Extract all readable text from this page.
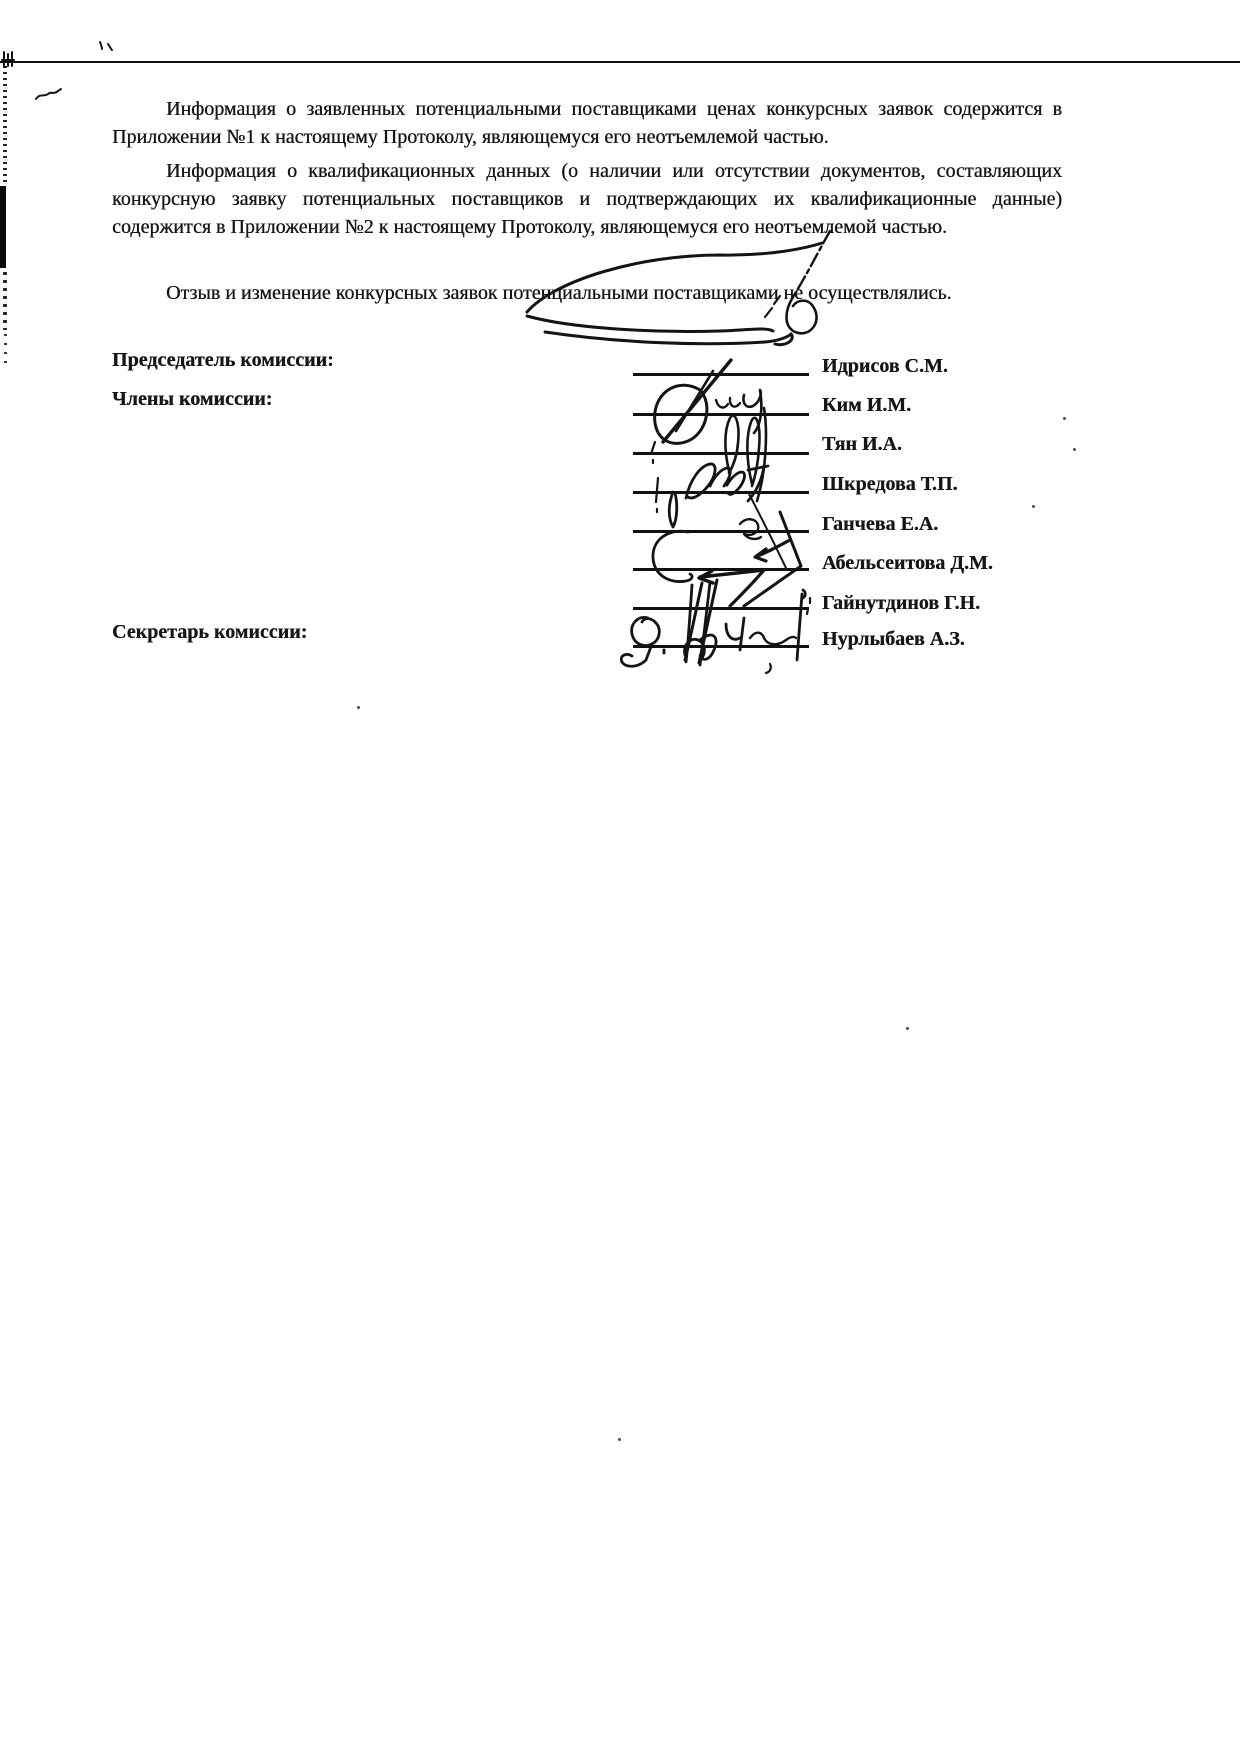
Информация о заявленных потенциальными поставщиками ценах конкурсных заявок содержится в
Приложении №1 к настоящему Протоколу, являющемуся его неотъемлемой частью.
Информация о квалификационных данных (о наличии или отсутствии документов, составляющих
конкурсную заявку потенциальных поставщиков и подтверждающих их квалификационные данные)
содержится в Приложении №2 к настоящему Протоколу, являющемуся его неотъемлемой частью.
Отзыв и изменение конкурсных заявок потенциальными поставщиками не осуществлялись.
Председатель комиссии:
Члены комиссии:
Секретарь комиссии:
Идрисов С.М.
Ким И.М.
Тян И.А.
Шкредова Т.П.
Ганчева Е.А.
Абельсеитова Д.М.
Гайнутдинов Г.Н.
Нурлыбаев А.З.
